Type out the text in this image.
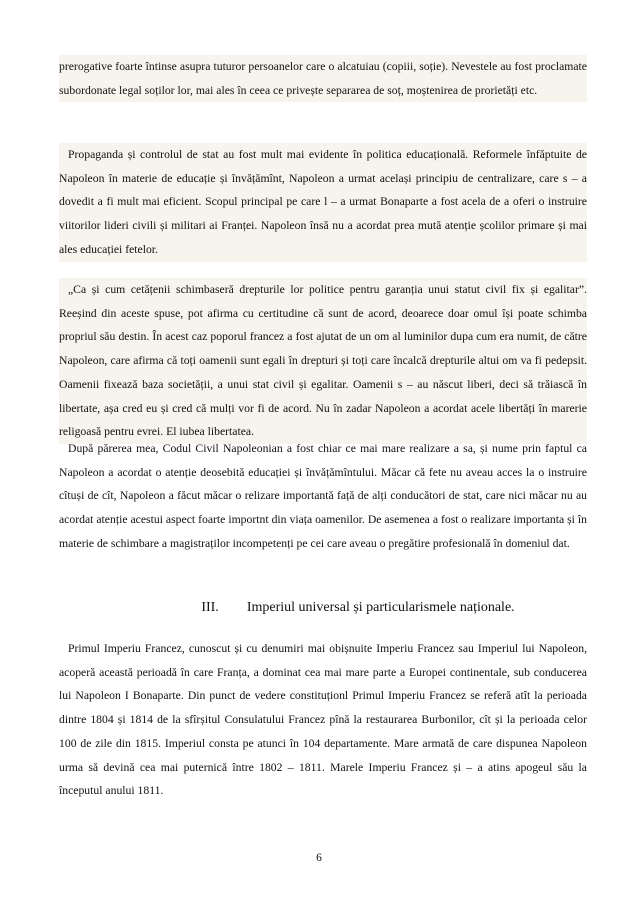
prerogative foarte întinse asupra tuturor persoanelor care o alcatuiau (copiii, soție). Nevestele au fost proclamate subordonate legal soților lor, mai ales în ceea ce privește separarea de soț, moștenirea de prorietăți etc.
Propaganda și controlul de stat au fost mult mai evidente în politica educațională. Reformele înfăptuite de Napoleon în materie de educație și învățămînt, Napoleon a urmat același principiu de centralizare, care s – a dovedit a fi mult mai eficient. Scopul principal pe care l – a urmat Bonaparte a fost acela de a oferi o instruire viitorilor lideri civili și militari ai Franței. Napoleon însă nu a acordat prea mută atenție școlilor primare și mai ales educației fetelor.
„Ca și cum cetățenii schimbaseră drepturile lor politice pentru garanția unui statut civil fix și egalitar”. Reeșind din aceste spuse, pot afirma cu certitudine că sunt de acord, deoarece doar omul își poate schimba propriul său destin. În acest caz poporul francez a fost ajutat de un om al luminilor dupa cum era numit, de către Napoleon, care afirma că toți oamenii sunt egali în drepturi și toți care încalcă drepturile altui om va fi pedepsit. Oamenii fixează baza societății, a unui stat civil și egalitar. Oamenii s – au născut liberi, deci să trăiască în libertate, așa cred eu și cred că mulți vor fi de acord. Nu în zadar Napoleon a acordat acele libertăți în marerie religoasă pentru evrei. El iubea libertatea.
După părerea mea, Codul Civil Napoleonian a fost chiar ce mai mare realizare a sa, și nume prin faptul ca Napoleon a acordat o atenție deosebită educației și învățămîntului. Măcar că fete nu aveau acces la o instruire cîtuși de cît, Napoleon a făcut măcar o relizare importantă față de alți conducători de stat, care nici măcar nu au acordat atenție acestui aspect foarte importnt din viața oamenilor. De asemenea a fost o realizare importanta și în materie de schimbare a magistraților incompetenți pe cei care aveau o pregătire profesională în domeniul dat.
III. Imperiul universal și particularismele naționale.
Primul Imperiu Francez, cunoscut și cu denumiri mai obișnuite Imperiu Francez sau Imperiul lui Napoleon, acoperă această perioadă în care Franța, a dominat cea mai mare parte a Europei continentale, sub conducerea lui Napoleon I Bonaparte. Din punct de vedere constituționl Primul Imperiu Francez se referă atît la perioada dintre 1804 și 1814 de la sfîrșitul Consulatului Francez pînă la restaurarea Burbonilor, cît și la perioada celor 100 de zile din 1815. Imperiul consta pe atunci în 104 departamente. Mare armată de care dispunea Napoleon urma să devină cea mai puternică între 1802 – 1811. Marele Imperiu Francez și – a atins apogeul său la începutul anului 1811.
6
